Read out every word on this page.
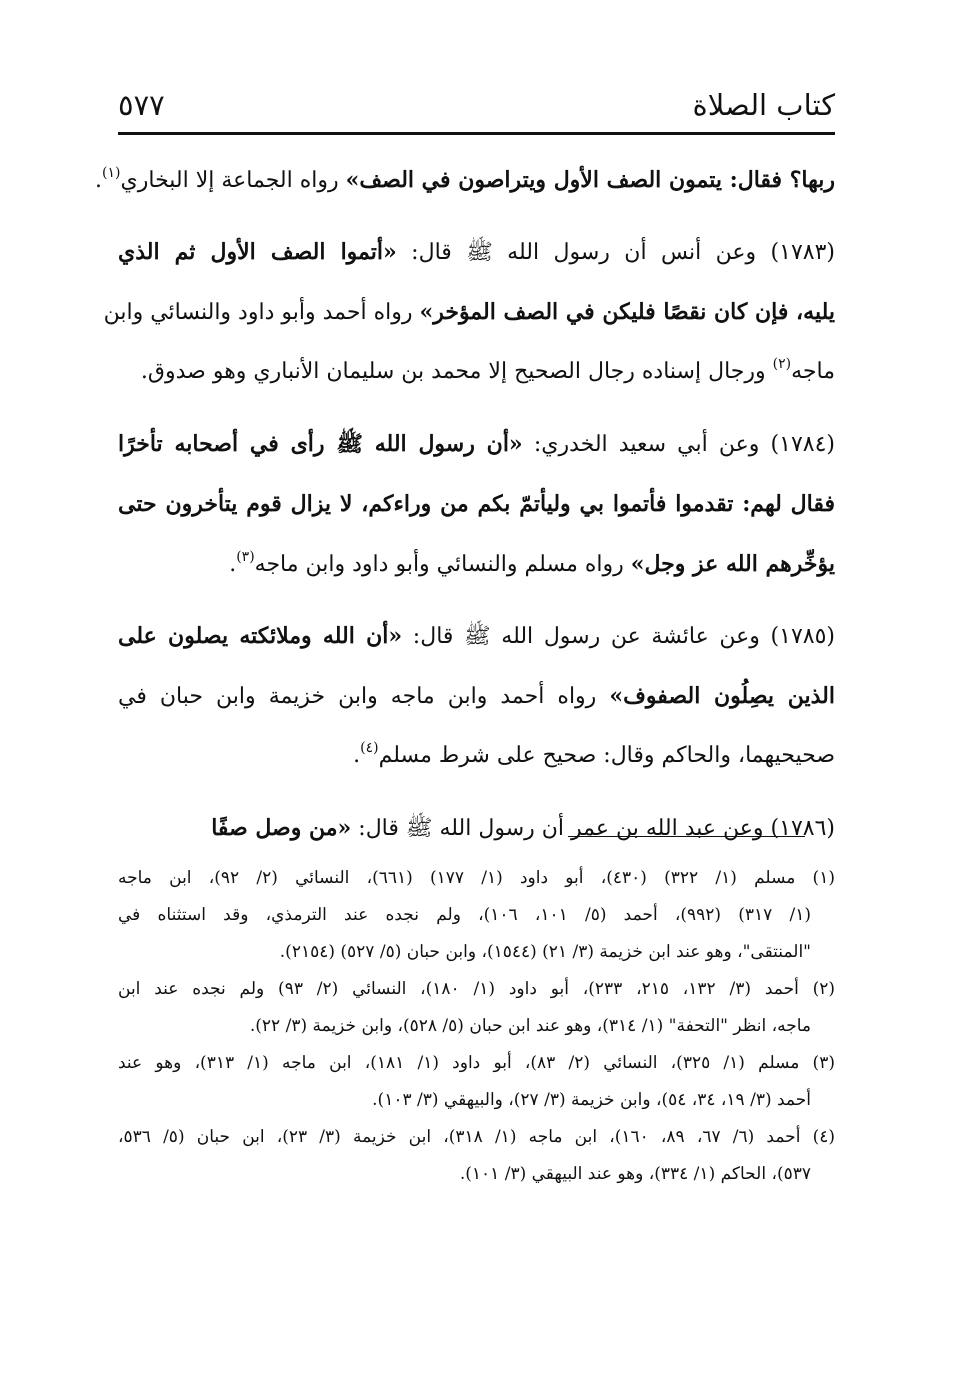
كتاب الصلاة
٥٧٧
ربها؟ فقال: يتمون الصف الأول ويتراصون في الصف» رواه الجماعة إلا البخاري$^{(١)}$.
(١٧٨٣) وعن أنس أن رسول الله ﷺ قال: «أتموا الصف الأول ثم الذي
يليه، فإن كان نقصًا فليكن في الصف المؤخر» رواه أحمد وأبو داود والنسائي وابن
ماجه$^{(٢)}$ ورجال إسناده رجال الصحيح إلا محمد بن سليمان الأنباري وهو صدوق.
(١٧٨٤) وعن أبي سعيد الخدري: «أن رسول الله ﷺ رأى في أصحابه تأخرًا
فقال لهم: تقدموا فأتموا بي وليأتمّ بكم من وراءكم، لا يزال قوم يتأخرون حتى
يؤخِّرهم الله عز وجل» رواه مسلم والنسائي وأبو داود وابن ماجه$^{(٣)}$.
(١٧٨٥) وعن عائشة عن رسول الله ﷺ قال: «أن الله وملائكته يصلون على
الذين يصِلُون الصفوف» رواه أحمد وابن ماجه وابن خزيمة وابن حبان في
صحيحيهما، والحاكم وقال: صحيح على شرط مسلم$^{(٤)}$.
(١٧٨٦) وعن عبد الله بن عمر أن رسول الله ﷺ قال: «من وصل صفًا
(١) مسلم (١/ ٣٢٢) (٤٣٠)، أبو داود (١/ ١٧٧) (٦٦١)، النسائي (٢/ ٩٢)، ابن ماجه
(١/ ٣١٧) (٩٩٢)، أحمد (٥/ ١٠١، ١٠٦)، ولم نجده عند الترمذي، وقد استثناه في
"المنتقى"، وهو عند ابن خزيمة (٣/ ٢١) (١٥٤٤)، وابن حبان (٥/ ٥٢٧) (٢١٥٤).
(٢) أحمد (٣/ ١٣٢، ٢١٥، ٢٣٣)، أبو داود (١/ ١٨٠)، النسائي (٢/ ٩٣) ولم نجده عند ابن
ماجه، انظر "التحفة" (١/ ٣١٤)، وهو عند ابن حبان (٥/ ٥٢٨)، وابن خزيمة (٣/ ٢٢).
(٣) مسلم (١/ ٣٢٥)، النسائي (٢/ ٨٣)، أبو داود (١/ ١٨١)، ابن ماجه (١/ ٣١٣)، وهو عند
أحمد (٣/ ١٩، ٣٤، ٥٤)، وابن خزيمة (٣/ ٢٧)، والبيهقي (٣/ ١٠٣).
(٤) أحمد (٦/ ٦٧، ٨٩، ١٦٠)، ابن ماجه (١/ ٣١٨)، ابن خزيمة (٣/ ٢٣)، ابن حبان (٥/ ٥٣٦،
٥٣٧)، الحاكم (١/ ٣٣٤)، وهو عند البيهقي (٣/ ١٠١).
